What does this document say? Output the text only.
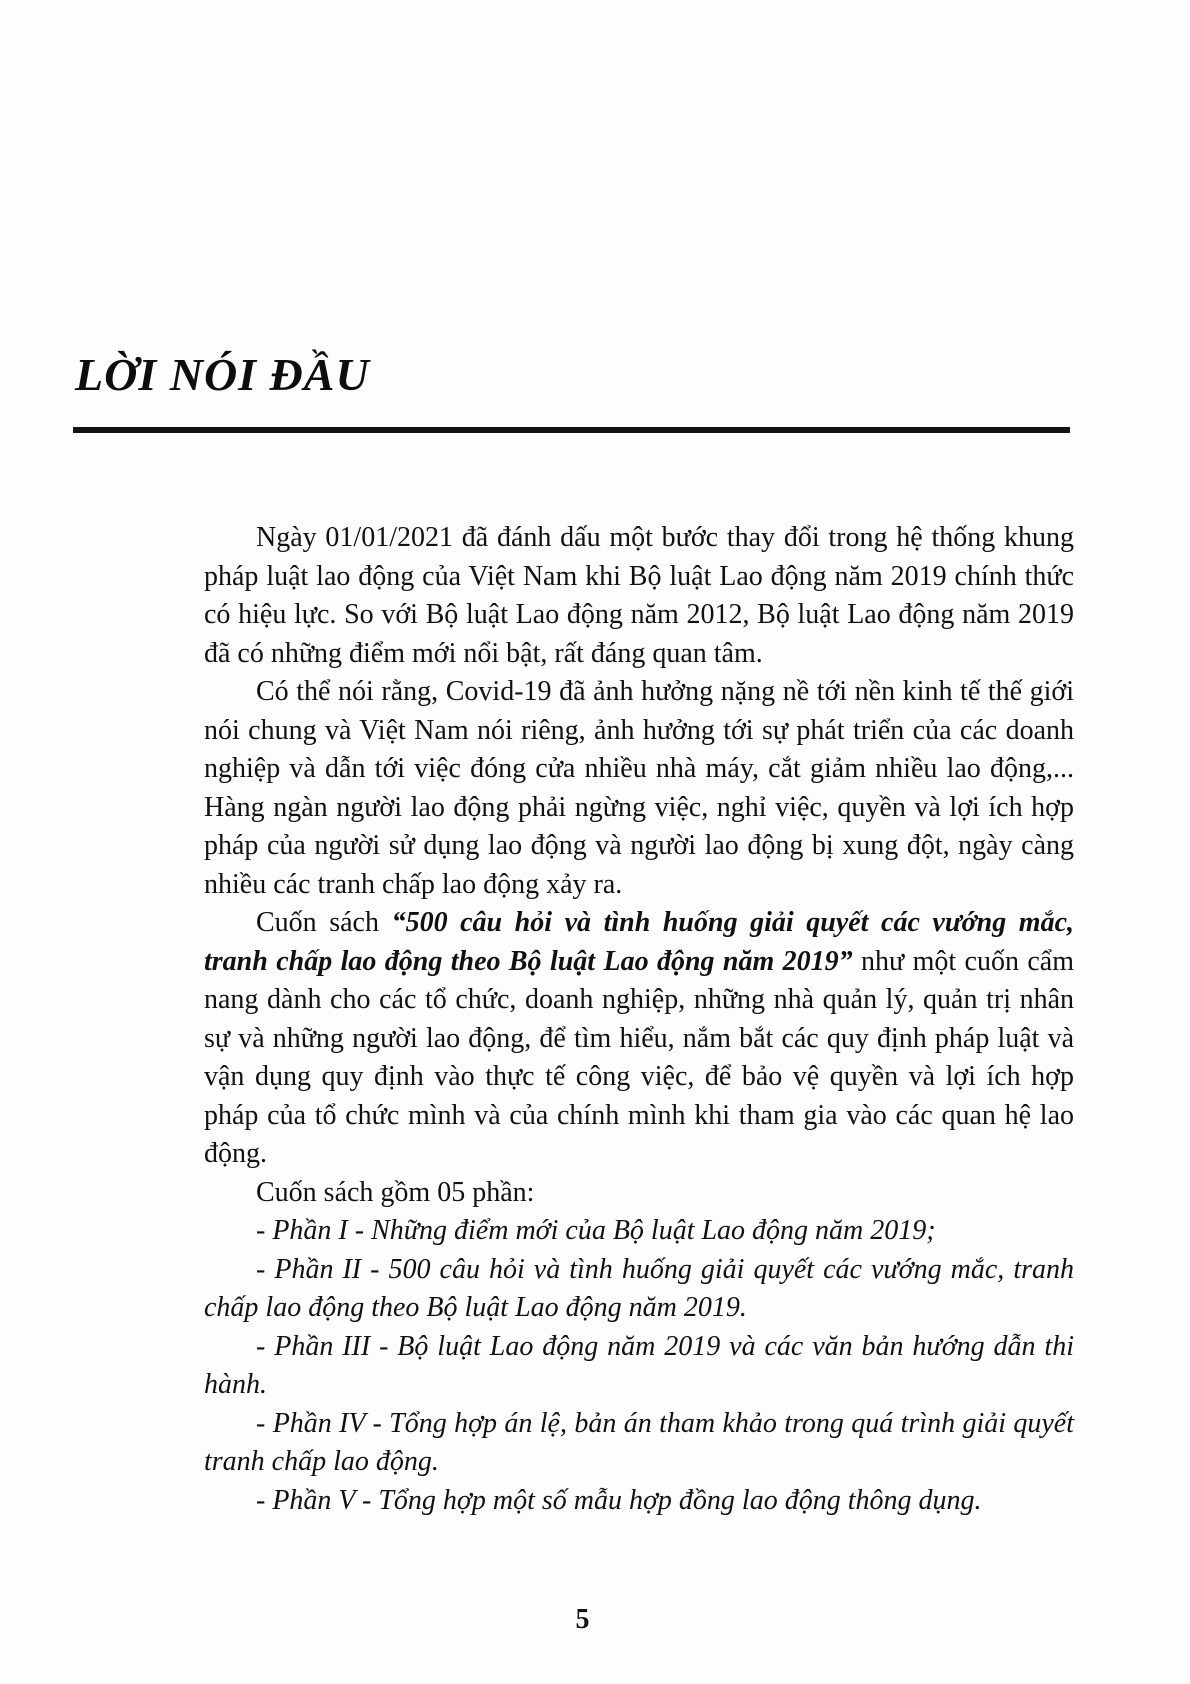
LỜI NÓI ĐẦU

Ngày 01/01/2021 đã đánh dấu một bước thay đổi trong hệ thống khung pháp luật lao động của Việt Nam khi Bộ luật Lao động năm 2019 chính thức có hiệu lực. So với Bộ luật Lao động năm 2012, Bộ luật Lao động năm 2019 đã có những điểm mới nổi bật, rất đáng quan tâm.

Có thể nói rằng, Covid-19 đã ảnh hưởng nặng nề tới nền kinh tế thế giới nói chung và Việt Nam nói riêng, ảnh hưởng tới sự phát triển của các doanh nghiệp và dẫn tới việc đóng cửa nhiều nhà máy, cắt giảm nhiều lao động,... Hàng ngàn người lao động phải ngừng việc, nghỉ việc, quyền và lợi ích hợp pháp của người sử dụng lao động và người lao động bị xung đột, ngày càng nhiều các tranh chấp lao động xảy ra.

Cuốn sách “500 câu hỏi và tình huống giải quyết các vướng mắc, tranh chấp lao động theo Bộ luật Lao động năm 2019” như một cuốn cẩm nang dành cho các tổ chức, doanh nghiệp, những nhà quản lý, quản trị nhân sự và những người lao động, để tìm hiểu, nắm bắt các quy định pháp luật và vận dụng quy định vào thực tế công việc, để bảo vệ quyền và lợi ích hợp pháp của tổ chức mình và của chính mình khi tham gia vào các quan hệ lao động.

Cuốn sách gồm 05 phần:

- Phần I - Những điểm mới của Bộ luật Lao động năm 2019;

- Phần II - 500 câu hỏi và tình huống giải quyết các vướng mắc, tranh chấp lao động theo Bộ luật Lao động năm 2019.

- Phần III - Bộ luật Lao động năm 2019 và các văn bản hướng dẫn thi hành.

- Phần IV - Tổng hợp án lệ, bản án tham khảo trong quá trình giải quyết tranh chấp lao động.

- Phần V - Tổng hợp một số mẫu hợp đồng lao động thông dụng.

5
